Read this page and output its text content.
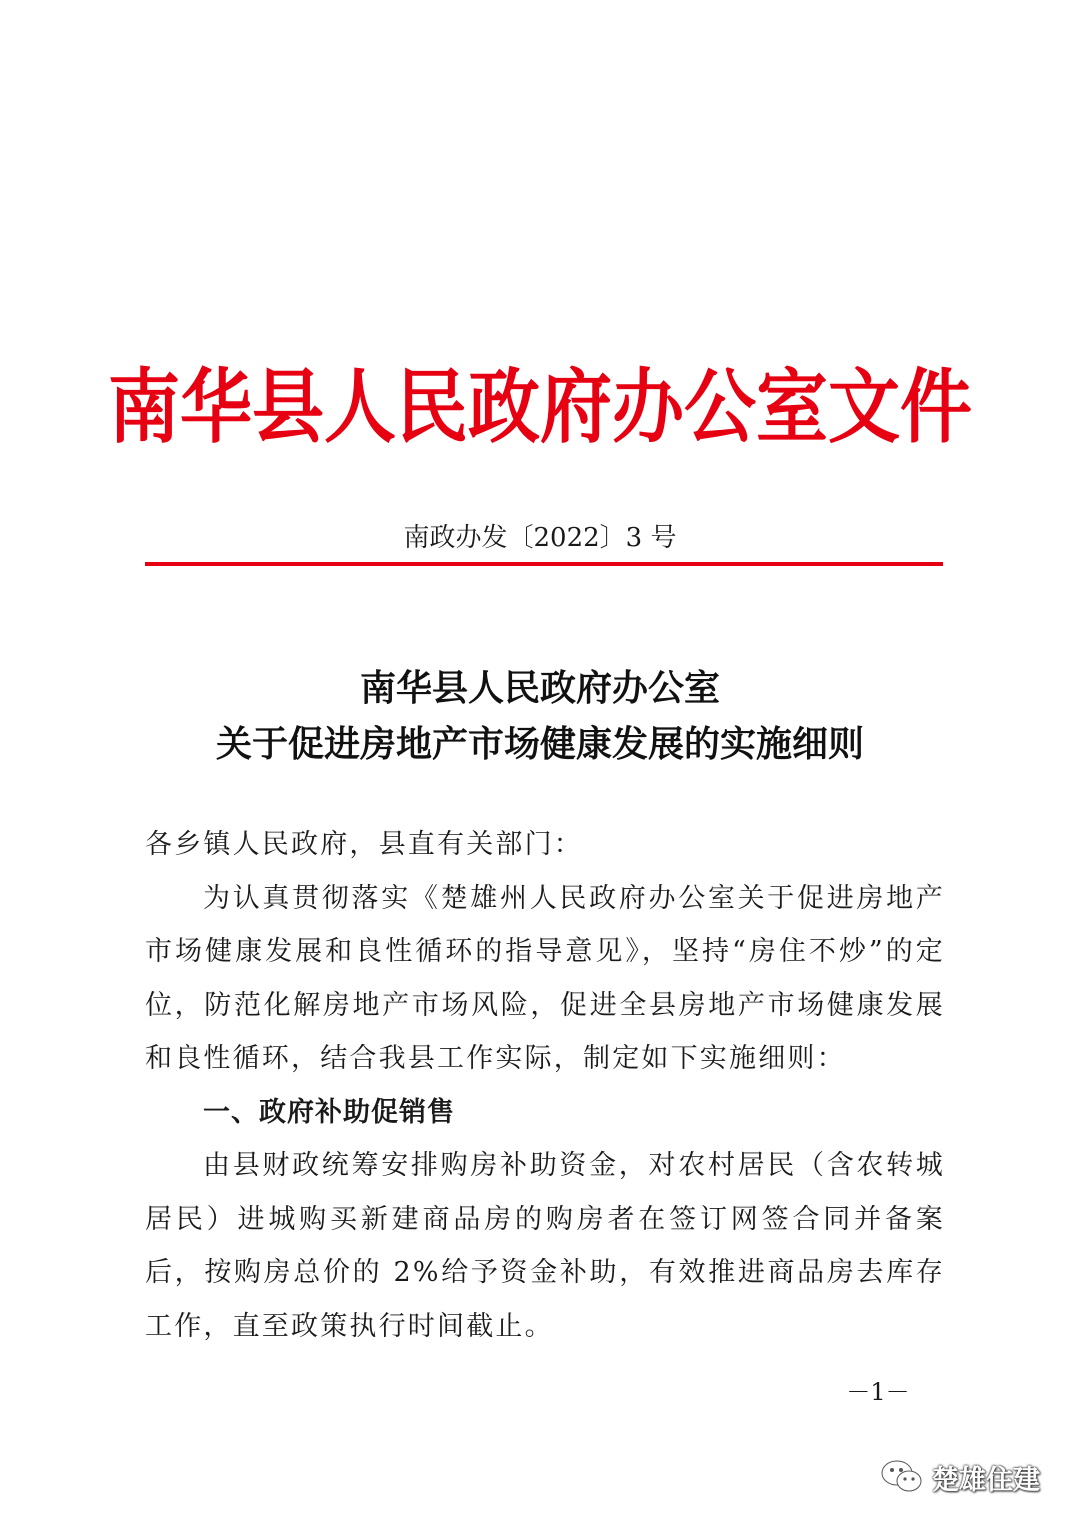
南华县人民政府办公室文件
南政办发〔2022〕3 号
南华县人民政府办公室
关于促进房地产市场健康发展的实施细则

各乡镇人民政府，县直有关部门：

为认真贯彻落实《楚雄州人民政府办公室关于促进房地产市场健康发展和良性循环的指导意见》，坚持“房住不炒”的定位，防范化解房地产市场风险，促进全县房地产市场健康发展和良性循环，结合我县工作实际，制定如下实施细则：

一、政府补助促销售

由县财政统筹安排购房补助资金，对农村居民（含农转城居民）进城购买新建商品房的购房者在签订网签合同并备案后，按购房总价的 2%给予资金补助，有效推进商品房去库存工作，直至政策执行时间截止。

－1－
楚雄住建
